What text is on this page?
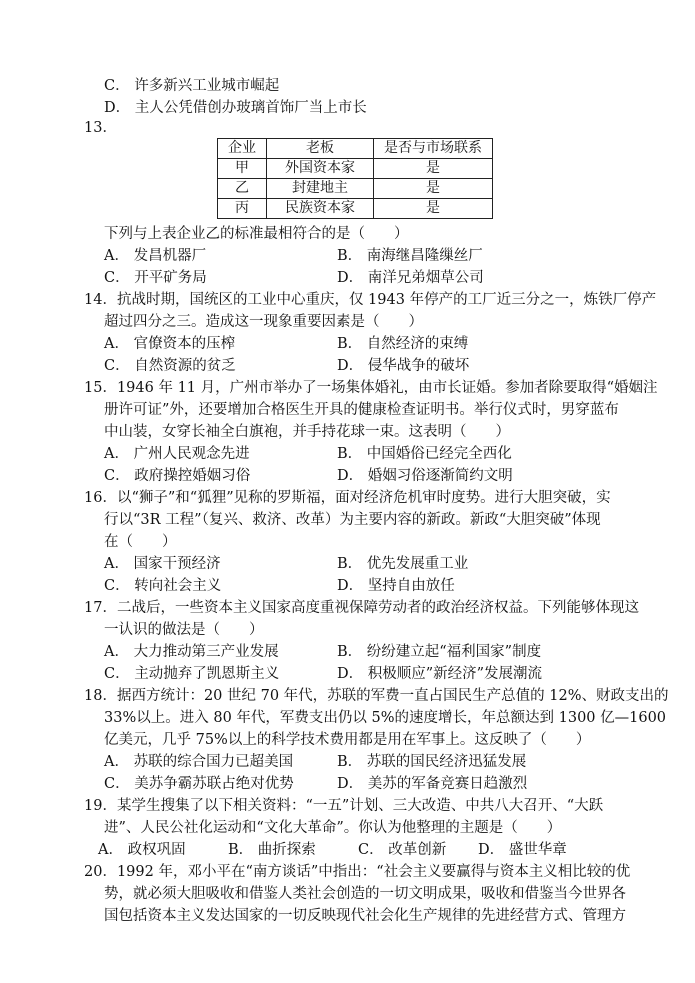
C． 许多新兴工业城市崛起
D． 主人公凭借创办玻璃首饰厂当上市长
13．
企业	老板	是否与市场联系
甲	外国资本家	是
乙	封建地主	是
丙	民族资本家	是
下列与上表企业乙的标准最相符合的是（　　）
A． 发昌机器厂	B． 南海继昌隆缫丝厂
C． 开平矿务局	D． 南洋兄弟烟草公司
14．抗战时期，国统区的工业中心重庆，仅 1943 年停产的工厂近三分之一，炼铁厂停产
超过四分之三。造成这一现象重要因素是（　　）
A． 官僚资本的压榨	B． 自然经济的束缚
C． 自然资源的贫乏	D． 侵华战争的破坏
15．1946 年 11 月，广州市举办了一场集体婚礼，由市长证婚。参加者除要取得“婚姻注
册许可证”外，还要增加合格医生开具的健康检查证明书。举行仪式时，男穿蓝布
中山装，女穿长袖全白旗袍，并手持花球一束。这表明（　　）
A． 广州人民观念先进	B． 中国婚俗已经完全西化
C． 政府操控婚姻习俗	D． 婚姻习俗逐渐简约文明
16．以“狮子”和“狐狸”见称的罗斯福，面对经济危机审时度势。进行大胆突破，实
行以“3R 工程”（复兴、救济、改革）为主要内容的新政。新政“大胆突破”体现
在（　　）
A． 国家干预经济	B． 优先发展重工业
C． 转向社会主义	D． 坚持自由放任
17．二战后，一些资本主义国家高度重视保障劳动者的政治经济权益。下列能够体现这
一认识的做法是（　　）
A． 大力推动第三产业发展	B． 纷纷建立起“福利国家”制度
C． 主动抛弃了凯恩斯主义	D． 积极顺应”新经济”发展潮流
18．据西方统计：20 世纪 70 年代，苏联的军费一直占国民生产总值的 12%、财政支出的
33%以上。进入 80 年代，军费支出仍以 5%的速度增长，年总额达到 1300 亿—1600
亿美元，几乎 75%以上的科学技术费用都是用在军事上。这反映了（　　）
A． 苏联的综合国力已超美国	B． 苏联的国民经济迅猛发展
C． 美苏争霸苏联占绝对优势	D． 美苏的军备竞赛日趋激烈
19．某学生搜集了以下相关资料：“一五”计划、三大改造、中共八大召开、“大跃
进”、人民公社化运动和“文化大革命”。你认为他整理的主题是（　　）
A． 政权巩固	B． 曲折探索	C． 改革创新 D． 盛世华章
20．1992 年，邓小平在“南方谈话”中指出：“社会主义要赢得与资本主义相比较的优
势，就必须大胆吸收和借鉴人类社会创造的一切文明成果，吸收和借鉴当今世界各
国包括资本主义发达国家的一切反映现代社会化生产规律的先进经营方式、管理方
